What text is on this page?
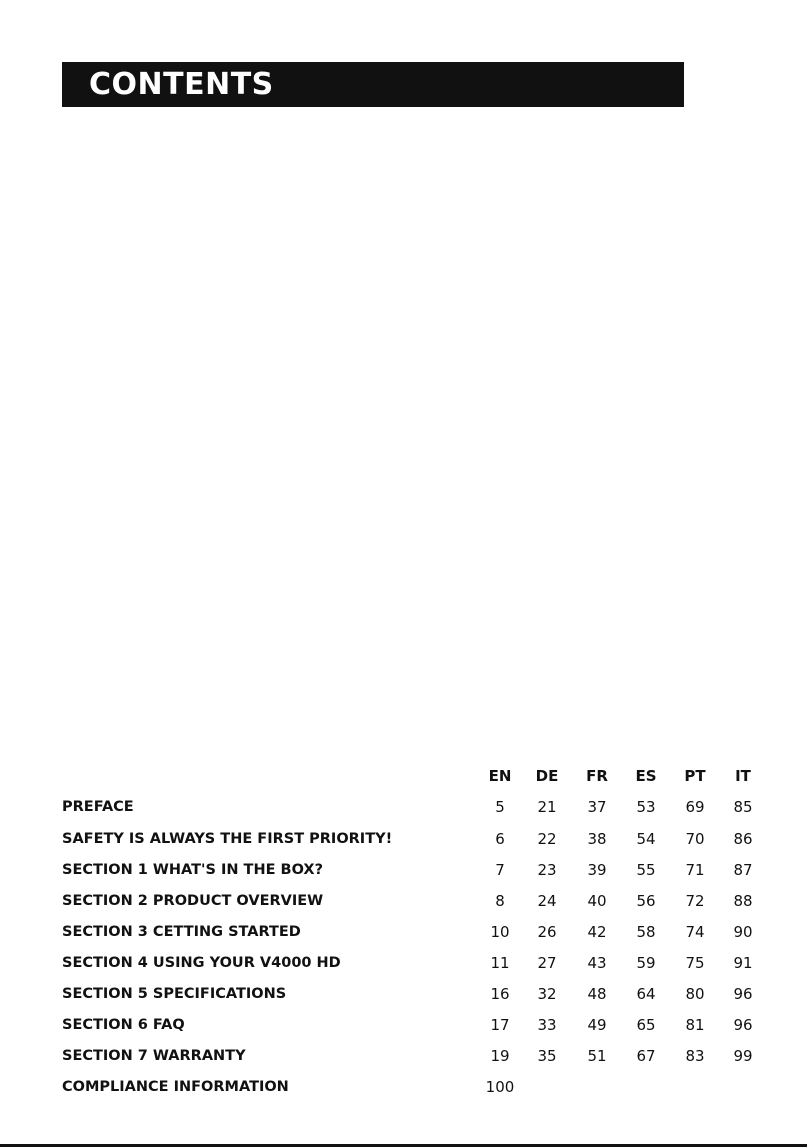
CONTENTS
EN	DE	FR	ES	PT	IT
PREFACE	5	21	37	53	69	85
SAFETY IS ALWAYS THE FIRST PRIORITY!	6	22	38	54	70	86
SECTION 1 WHAT'S IN THE BOX?	7	23	39	55	71	87
SECTION 2 PRODUCT OVERVIEW	8	24	40	56	72	88
SECTION 3 CETTING STARTED	10	26	42	58	74	90
SECTION 4 USING YOUR V4000 HD	11	27	43	59	75	91
SECTION 5 SPECIFICATIONS	16	32	48	64	80	96
SECTION 6 FAQ	17	33	49	65	81	96
SECTION 7 WARRANTY	19	35	51	67	83	99
COMPLIANCE INFORMATION	100
